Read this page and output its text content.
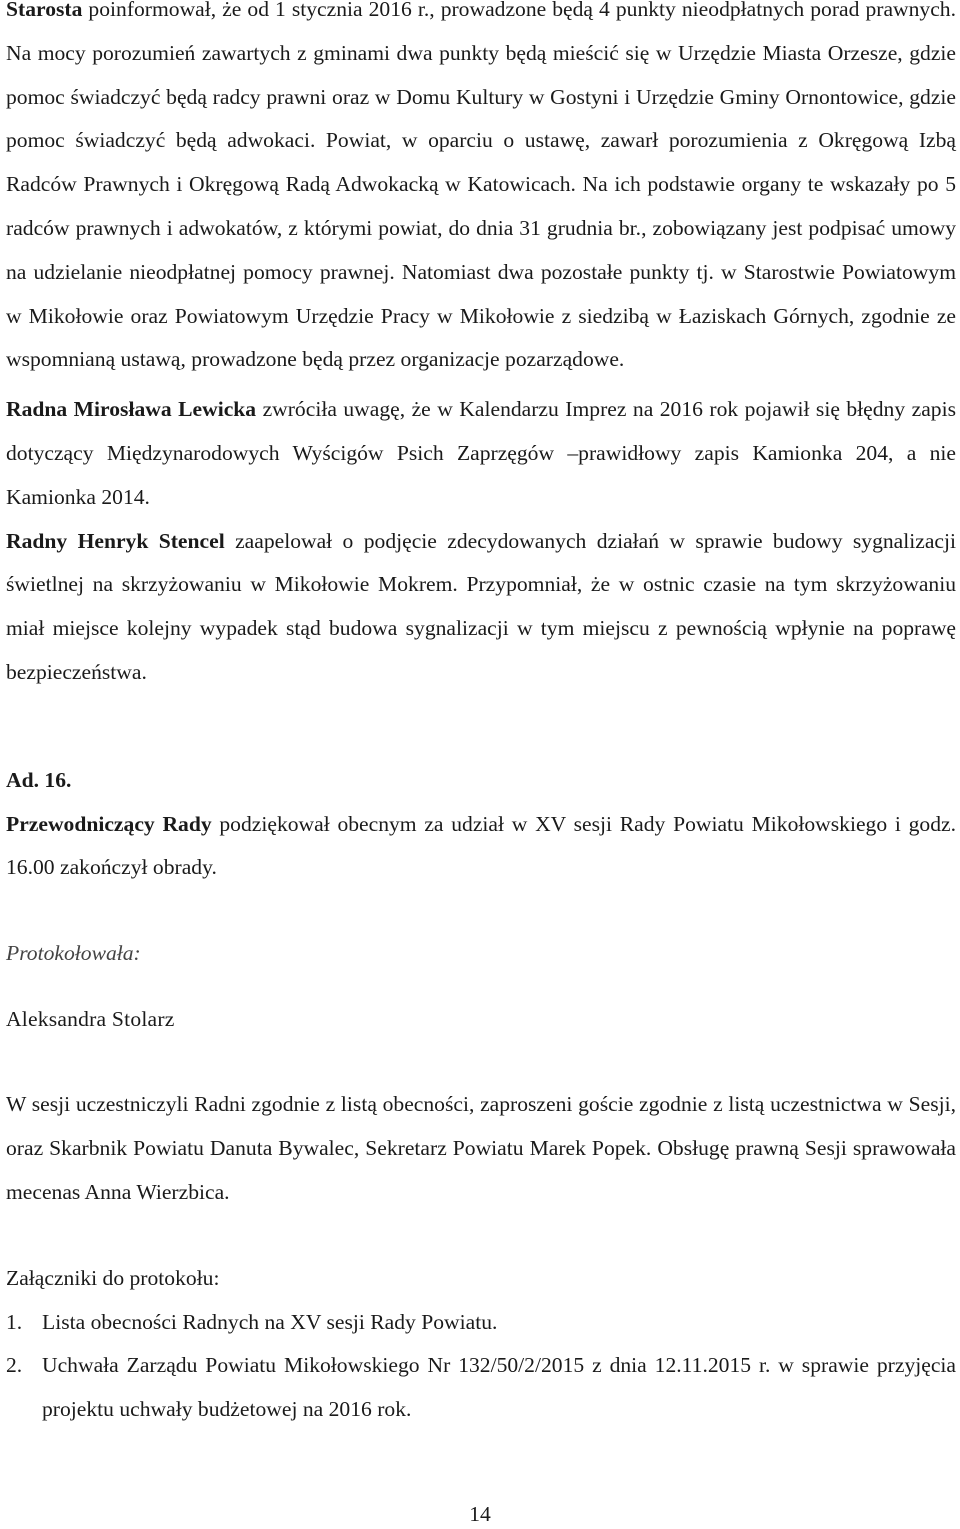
Starosta poinformował, że od 1 stycznia 2016 r., prowadzone będą 4 punkty nieodpłatnych porad prawnych. Na mocy porozumień zawartych z gminami dwa punkty będą mieścić się w Urzędzie Miasta Orzesze, gdzie pomoc świadczyć będą radcy prawni oraz w Domu Kultury w Gostyni i Urzędzie Gminy Ornontowice, gdzie pomoc świadczyć będą adwokaci. Powiat, w oparciu o ustawę, zawarł porozumienia z Okręgową Izbą Radców Prawnych i Okręgową Radą Adwokacką w Katowicach. Na ich podstawie organy te wskazały po 5 radców prawnych i adwokatów, z którymi powiat, do dnia 31 grudnia br., zobowiązany jest podpisać umowy na udzielanie nieodpłatnej pomocy prawnej. Natomiast dwa pozostałe punkty tj. w Starostwie Powiatowym w Mikołowie oraz Powiatowym Urzędzie Pracy w Mikołowie z siedzibą w Łaziskach Górnych, zgodnie ze wspomnianą ustawą, prowadzone będą przez organizacje pozarządowe.

Radna Mirosława Lewicka zwróciła uwagę, że w Kalendarzu Imprez na 2016 rok pojawił się błędny zapis dotyczący Międzynarodowych Wyścigów Psich Zaprzęgów –prawidłowy zapis Kamionka 204, a nie Kamionka 2014.

Radny Henryk Stencel zaapelował o podjęcie zdecydowanych działań w sprawie budowy sygnalizacji świetlnej na skrzyżowaniu w Mikołowie Mokrem. Przypomniał, że w ostnic czasie na tym skrzyżowaniu miał miejsce kolejny wypadek stąd budowa sygnalizacji w tym miejscu z pewnością wpłynie na poprawę bezpieczeństwa.

Ad. 16.

Przewodniczący Rady podziękował obecnym za udział w XV sesji Rady Powiatu Mikołowskiego i godz. 16.00 zakończył obrady.

Protokołowała:

Aleksandra Stolarz

W sesji uczestniczyli Radni zgodnie z listą obecności, zaproszeni goście zgodnie z listą uczestnictwa w Sesji, oraz Skarbnik Powiatu Danuta Bywalec, Sekretarz Powiatu Marek Popek. Obsługę prawną Sesji sprawowała mecenas Anna Wierzbica.

Załączniki do protokołu:

1. Lista obecności Radnych na XV sesji Rady Powiatu.
2. Uchwała Zarządu Powiatu Mikołowskiego Nr 132/50/2/2015 z dnia 12.11.2015 r. w sprawie przyjęcia projektu uchwały budżetowej na 2016 rok.
14
